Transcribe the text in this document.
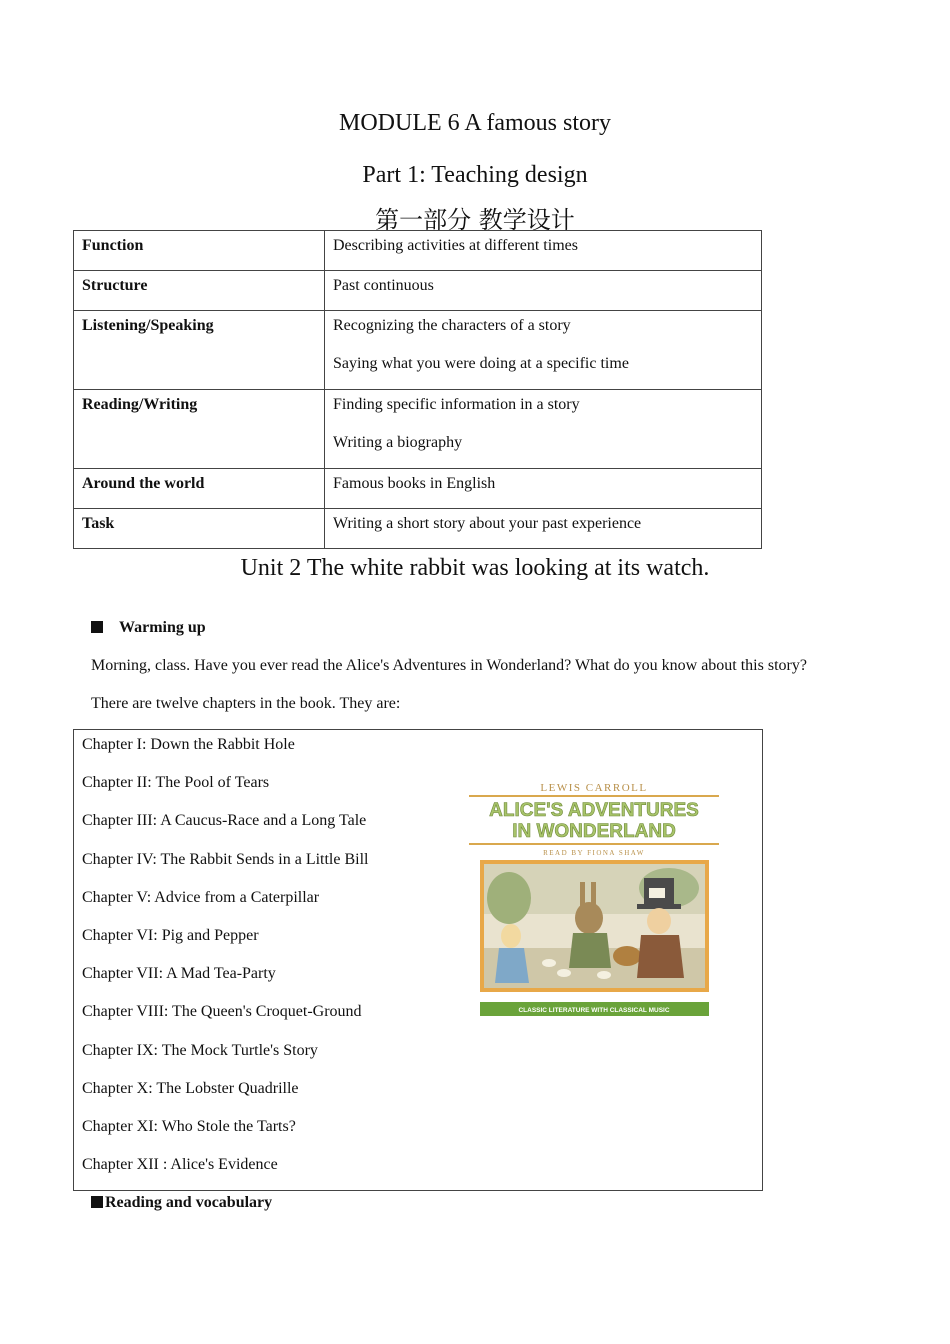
MODULE 6 A famous story
Part 1: Teaching design
第一部分 教学设计
Function	Describing activities at different times

Structure	Past continuous

Listening/Speaking	Recognizing the characters of a story

Saying what you were doing at a specific time

Reading/Writing	Finding specific information in a story

Writing a biography

Around the world	Famous books in English

Task	Writing a short story about your past experience

Unit 2 The white rabbit was looking at its watch.
Warming up
Morning, class. Have you ever read the Alice's Adventures in Wonderland? What do you know about this story?
There are twelve chapters in the book. They are:
Chapter I: Down the Rabbit Hole
Chapter II: The Pool of Tears
Chapter III: A Caucus-Race and a Long Tale
Chapter IV: The Rabbit Sends in a Little Bill
Chapter V: Advice from a Caterpillar
Chapter VI: Pig and Pepper
Chapter VII: A Mad Tea-Party
Chapter VIII: The Queen's Croquet-Ground
Chapter IX: The Mock Turtle's Story
Chapter X: The Lobster Quadrille
Chapter XI: Who Stole the Tarts?
Chapter XII : Alice's Evidence
LEWIS CARROLL
ALICE'S ADVENTURES
IN WONDERLAND
READ BY FIONA SHAW
CLASSIC LITERATURE WITH CLASSICAL MUSIC
Reading and vocabulary
